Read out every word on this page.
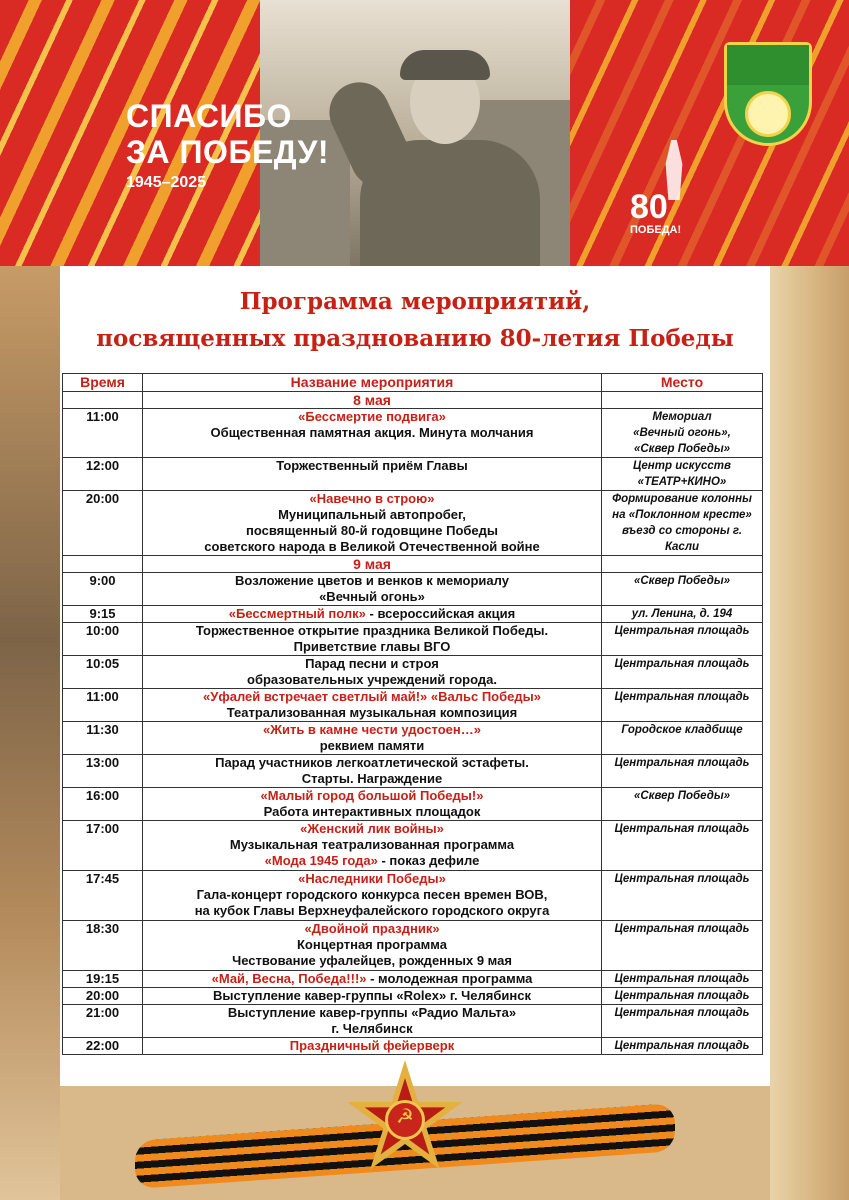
СПАСИБО
ЗА ПОБЕДУ!
1945–2025
80
ПОБЕДА!
Программа мероприятий,
посвященных празднованию 80-летия Победы
Время	Название мероприятия	Место
	8 мая	
11:00	«Бессмертие подвига»
Общественная памятная акция. Минута молчания	Мемориал
«Вечный огонь»,
«Сквер Победы»
12:00	Торжественный приём Главы	Центр искусств
«ТЕАТР+КИНО»
20:00	«Навечно в строю»
Муниципальный автопробег,
посвященный 80-й годовщине Победы
советского народа в Великой Отечественной войне	Формирование колонны
на «Поклонном кресте»
въезд со стороны г. Касли
	9 мая	
9:00	Возложение цветов и венков к мемориалу
«Вечный огонь»	«Сквер Победы»
9:15	«Бессмертный полк» - всероссийская акция	ул. Ленина, д. 194
10:00	Торжественное открытие праздника Великой Победы.
Приветствие главы ВГО	Центральная площадь
10:05	Парад песни и строя
образовательных учреждений города.	Центральная площадь
11:00	«Уфалей встречает светлый май!» «Вальс Победы»
Театрализованная музыкальная композиция	Центральная площадь
11:30	«Жить в камне чести удостоен…»
реквием памяти	Городское кладбище
13:00	Парад участников легкоатлетической эстафеты.
Старты. Награждение	Центральная площадь
16:00	«Малый город большой Победы!»
Работа интерактивных площадок	«Сквер Победы»
17:00	«Женский лик войны»
Музыкальная театрализованная программа
«Мода 1945 года» - показ дефиле	Центральная площадь
17:45	«Наследники Победы»
Гала-концерт городского конкурса песен времен ВОВ,
на кубок Главы Верхнеуфалейского городского округа	Центральная площадь
18:30	«Двойной праздник»
Концертная программа
Чествование уфалейцев, рожденных 9 мая	Центральная площадь
19:15	«Май, Весна, Победа!!!» - молодежная программа	Центральная площадь
20:00	Выступление кавер-группы «Rolex» г. Челябинск	Центральная площадь
21:00	Выступление кавер-группы «Радио Мальта»
г. Челябинск	Центральная площадь
22:00	Праздничный фейерверк	Центральная площадь
☭
